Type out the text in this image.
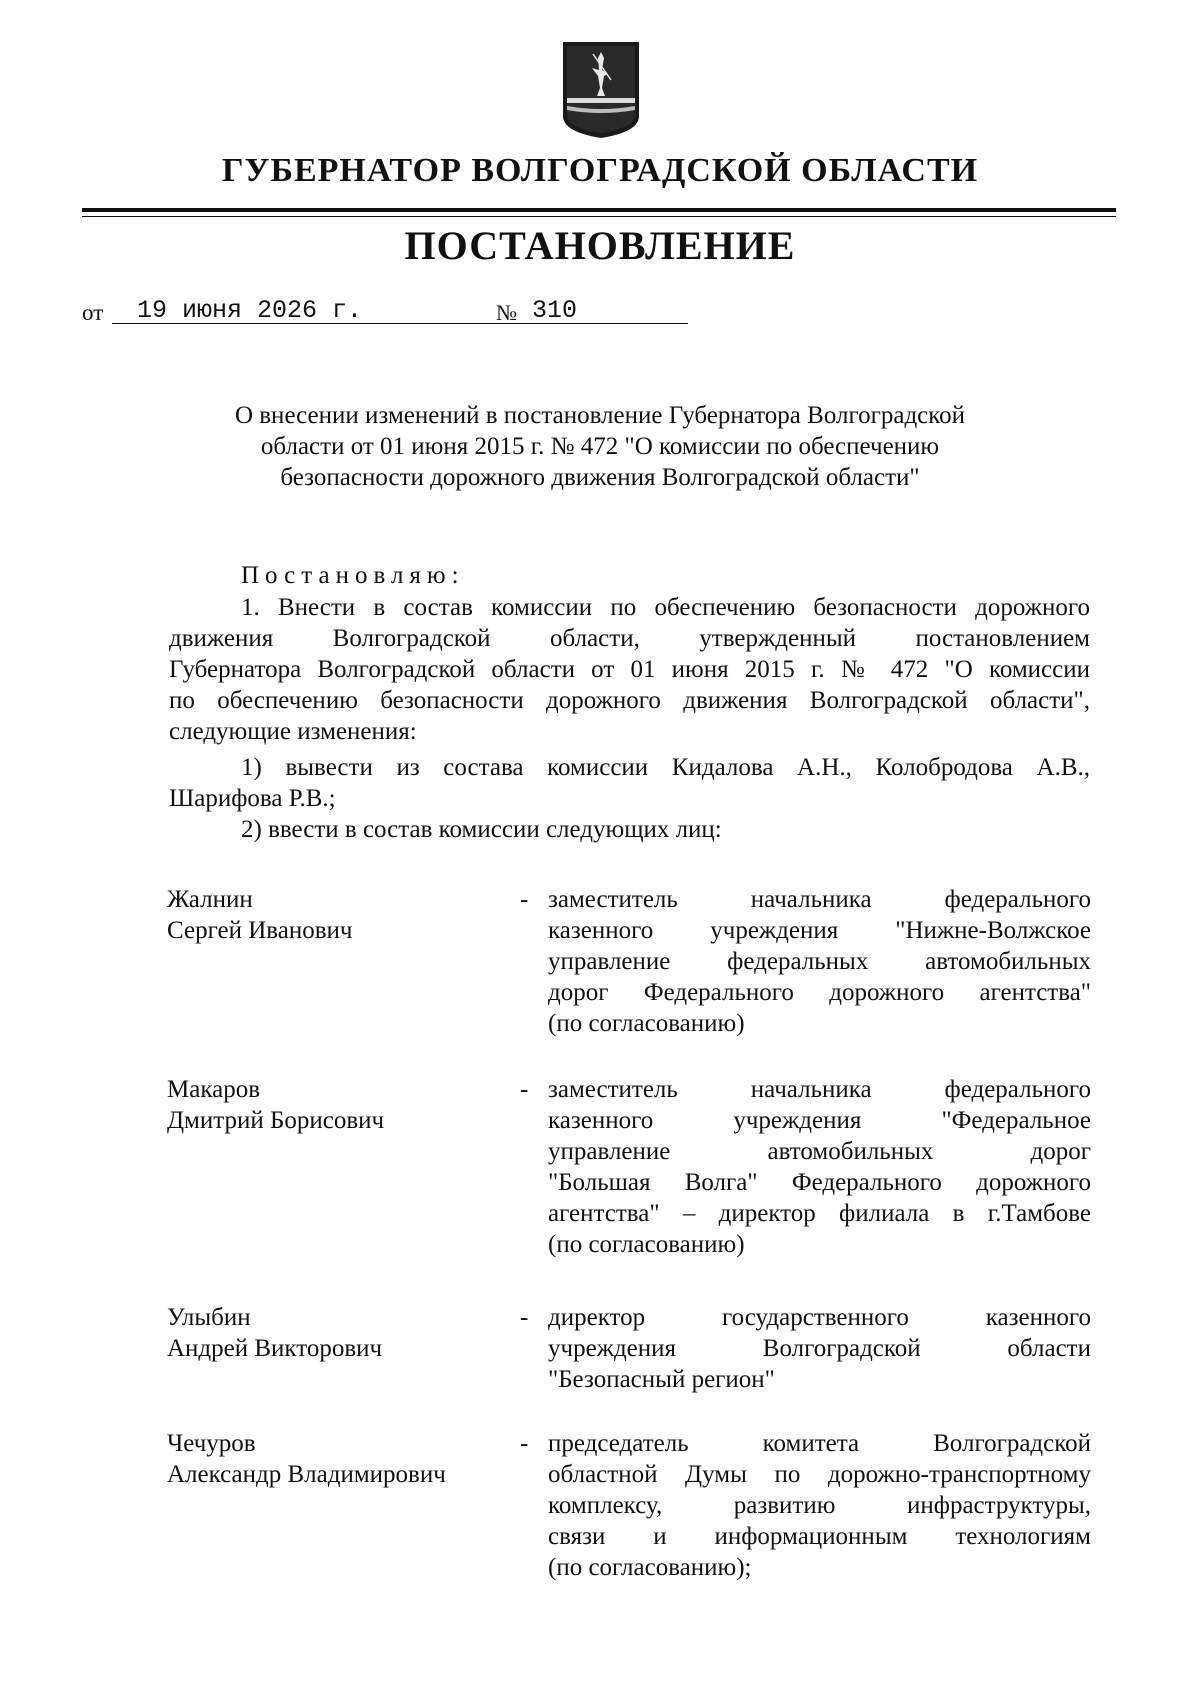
ГУБЕРНАТОР ВОЛГОГРАДСКОЙ ОБЛАСТИ
ПОСТАНОВЛЕНИЕ
от	19 июня 2026 г.	№ 310
О внесении изменений в постановление Губернатора Волгоградской
области от 01 июня 2015 г. № 472 "О комиссии по обеспечению
безопасности дорожного движения Волгоградской области"
Постановляю:
1. Внести в состав комиссии по обеспечению безопасности дорожного
движения Волгоградской области, утвержденный постановлением
Губернатора Волгоградской области от 01 июня 2015 г. № 472 "О комиссии
по обеспечению безопасности дорожного движения Волгоградской области",
следующие изменения:
1) вывести из состава комиссии Кидалова А.Н., Колобродова А.В.,
Шарифова Р.В.;
2) ввести в состав комиссии следующих лиц:
Жалнин
Сергей Иванович
- заместитель начальника федерального
казенного учреждения "Нижне-Волжское
управление федеральных автомобильных
дорог Федерального дорожного агентства"
(по согласованию)
Макаров
Дмитрий Борисович
- заместитель начальника федерального
казенного учреждения "Федеральное
управление автомобильных дорог
"Большая Волга" Федерального дорожного
агентства" – директор филиала в г.Тамбове
(по согласованию)
Улыбин
Андрей Викторович
- директор государственного казенного
учреждения Волгоградской области
"Безопасный регион"
Чечуров
Александр Владимирович
- председатель комитета Волгоградской
областной Думы по дорожно-транспортному
комплексу, развитию инфраструктуры,
связи и информационным технологиям
(по согласованию);
